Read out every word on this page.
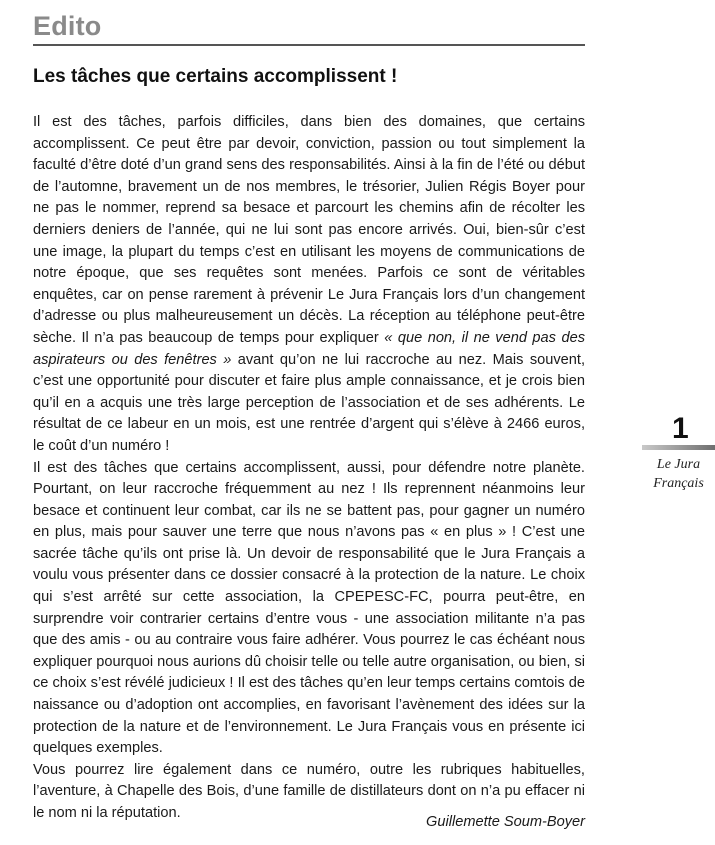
Edito
Les tâches que certains accomplissent !

Il est des tâches, parfois difficiles, dans bien des domaines, que certains accomplissent. Ce peut être par devoir, conviction, passion ou tout simplement la faculté d’être doté d’un grand sens des responsabilités. Ainsi à la fin de l’été ou début de l’automne, bravement un de nos membres, le trésorier, Julien Régis Boyer pour ne pas le nommer, reprend sa besace et parcourt les chemins afin de récolter les derniers deniers de l’année, qui ne lui sont pas encore arrivés. Oui, bien-sûr c’est une image, la plupart du temps c’est en utilisant les moyens de communications de notre époque, que ses requêtes sont menées. Parfois ce sont de véritables enquêtes, car on pense rarement à prévenir Le Jura Français lors d’un changement d’adresse ou plus malheureusement un décès. La réception au téléphone peut-être sèche. Il n’a pas beaucoup de temps pour expliquer « que non, il ne vend pas des aspirateurs ou des fenêtres » avant qu’on ne lui raccroche au nez. Mais souvent, c’est une opportunité pour discuter et faire plus ample connaissance, et je crois bien qu’il en a acquis une très large perception de l’association et de ses adhérents. Le résultat de ce labeur en un mois, est une rentrée d’argent qui s’élève à 2466 euros, le coût d’un numéro !

Il est des tâches que certains accomplissent, aussi, pour défendre notre planète. Pourtant, on leur raccroche fréquemment au nez ! Ils reprennent néanmoins leur besace et continuent leur combat, car ils ne se battent pas, pour gagner un numéro en plus, mais pour sauver une terre que nous n’avons pas « en plus » ! C’est une sacrée tâche qu’ils ont prise là. Un devoir de responsabilité que le Jura Français a voulu vous présenter dans ce dossier consacré à la protection de la nature. Le choix qui s’est arrêté sur cette association, la CPEPESC-FC, pourra peut-être, en surprendre voir contrarier certains d’entre vous - une association militante n’a pas que des amis - ou au contraire vous faire adhérer. Vous pourrez le cas échéant nous expliquer pourquoi nous aurions dû choisir telle ou telle autre organisation, ou bien, si ce choix s’est révélé judicieux ! Il est des tâches qu’en leur temps certains comtois de naissance ou d’adoption ont accomplies, en favorisant l’avènement des idées sur la protection de la nature et de l’environnement. Le Jura Français vous en présente ici quelques exemples.

Vous pourrez lire également dans ce numéro, outre les rubriques habituelles, l’aventure, à Chapelle des Bois, d’une famille de distillateurs dont on n’a pu effacer ni le nom ni la réputation.

Guillemette Soum-Boyer
1
Le Jura
Français
